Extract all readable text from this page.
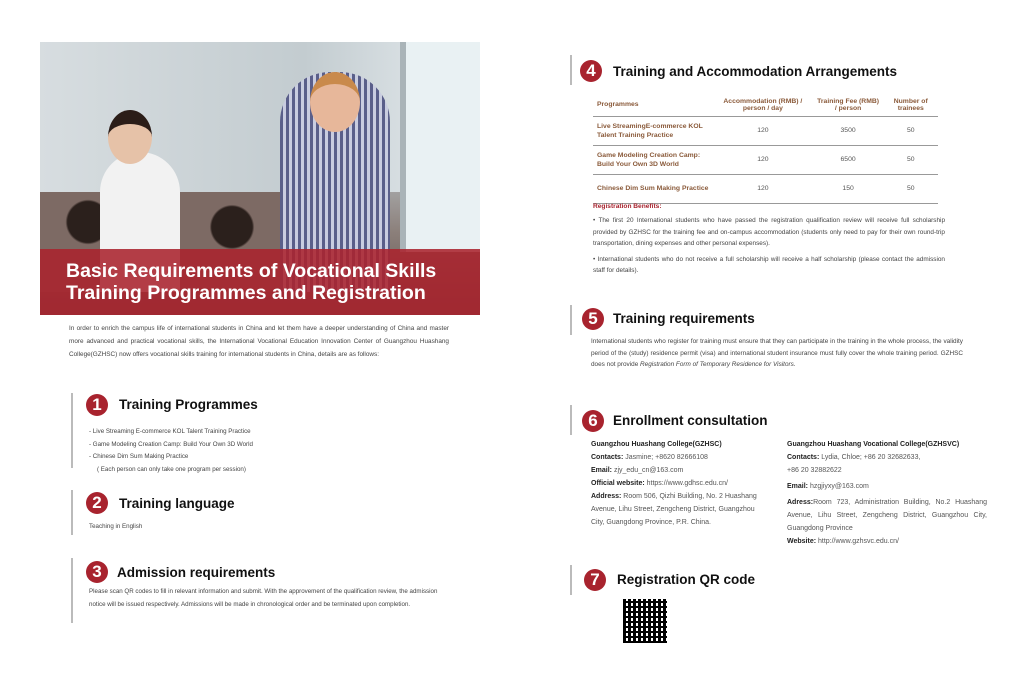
Basic Requirements of Vocational Skills
Training Programmes and Registration
In order to enrich the campus life of international students in China and let them have a deeper understanding of China and master more advanced and practical vocational skills, the International Vocational Education Innovation Center of Guangzhou Huashang College(GZHSC) now offers vocational skills training for international students in China, details are as follows:
1	Training Programmes
- Live Streaming E-commerce KOL Talent Training Practice
- Game Modeling Creation Camp: Build Your Own 3D World
- Chinese Dim Sum Making Practice
( Each person can only take one program per session)
2	Training language
Teaching in English
3	Admission requirements
Please scan QR codes to fill in relevant information and submit. With the approvement of the qualification review, the admission notice will be issued respectively. Admissions will be made in chronological order and be terminated upon completion.
4	Training and Accommodation Arrangements
Programmes	Accommodation (RMB) / person / day	Training Fee (RMB) / person	Number of trainees
Live StreamingE-commerce KOL Talent Training Practice	120	3500	50
Game Modeling Creation Camp: Build Your Own 3D World	120	6500	50
Chinese Dim Sum Making Practice	120	150	50
Registration Benefits:
• The first 20 International students who have passed the registration qualification review will receive full scholarship provided by GZHSC for the training fee and on-campus accommodation (students only need to pay for their own round-trip transportation, dining expenses and other personal expenses).
• International students who do not receive a full scholarship will receive a half scholarship (please contact the admission staff for details).
5	Training requirements
International students who register for training must ensure that they can participate in the training in the whole process, the validity period of the (study) residence permit (visa) and international student insurance must fully cover the whole training period. GZHSC does not provide Registration Form of Temporary Residence for Visitors.
6	Enrollment consultation
Guangzhou Huashang College(GZHSC)
Contacts: Jasmine; +8620 82666108
Email: zjy_edu_cn@163.com
Official website: https://www.gdhsc.edu.cn/
Address: Room 506, Qizhi Building, No. 2 Huashang Avenue, Lihu Street, Zengcheng District, Guangzhou City, Guangdong Province, P.R. China.
Guangzhou Huashang Vocational College(GZHSVC)
Contacts: Lydia, Chloe; +86 20 32682633,
+86 20 32882622
Email: hzgjiyxy@163.com
Adress:Room 723, Administration Building, No.2 Huashang Avenue, Lihu Street, Zengcheng District, Guangzhou City, Guangdong Province
Website: http://www.gzhsvc.edu.cn/
7	Registration QR code
